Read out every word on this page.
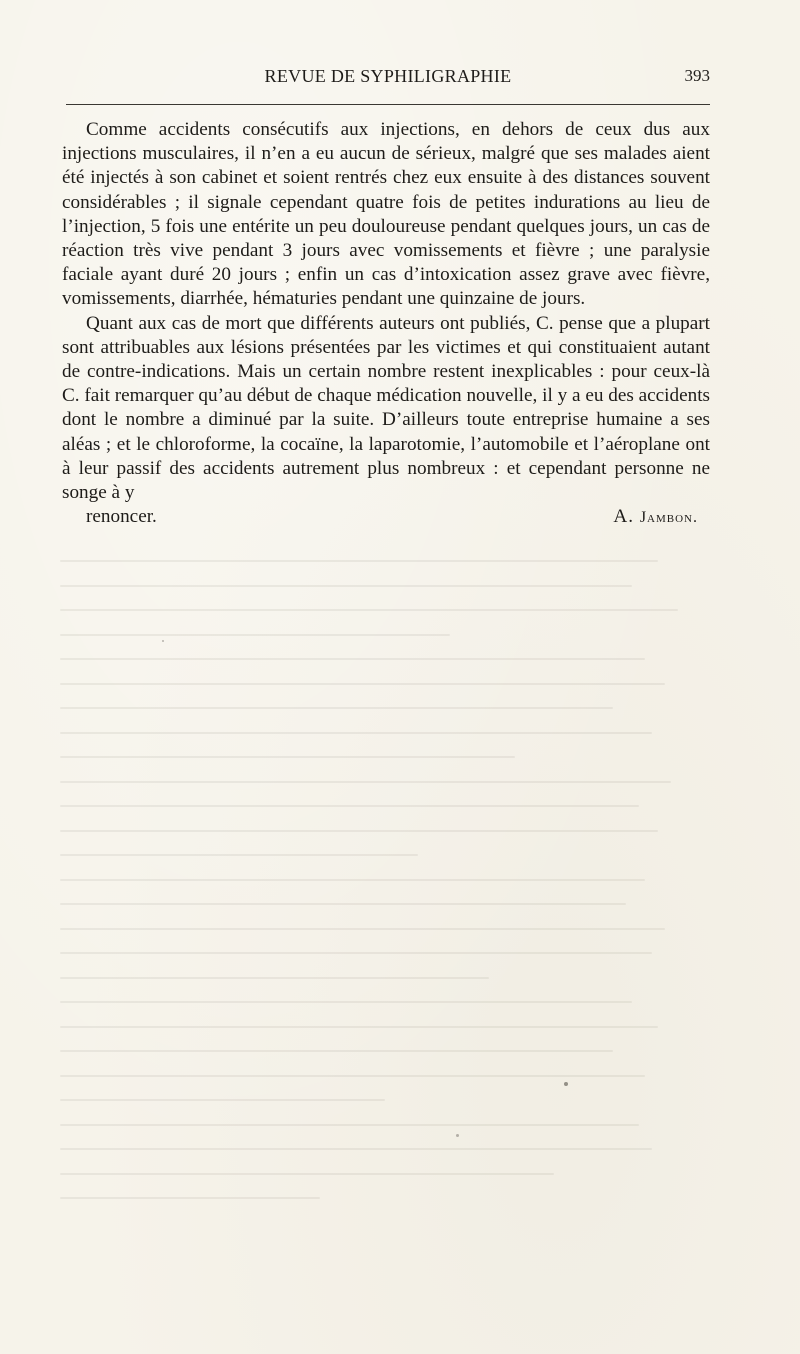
REVUE DE SYPHILIGRAPHIE	393

Comme accidents consécutifs aux injections, en dehors de ceux dus aux injections musculaires, il n’en a eu aucun de sérieux, malgré que ses malades aient été injectés à son cabinet et soient rentrés chez eux ensuite à des distances souvent considérables ; il signale cependant quatre fois de petites indurations au lieu de l’injection, 5 fois une entérite un peu douloureuse pendant quelques jours, un cas de réaction très vive pendant 3 jours avec vomissements et fièvre ; une paralysie faciale ayant duré 20 jours ; enfin un cas d’intoxication assez grave avec fièvre, vomissements, diarrhée, hématuries pendant une quinzaine de jours.

Quant aux cas de mort que différents auteurs ont publiés, C. pense que a plupart sont attribuables aux lésions présentées par les victimes et qui constituaient autant de contre-indications. Mais un certain nombre restent inexplicables : pour ceux-là C. fait remarquer qu’au début de chaque médication nouvelle, il y a eu des accidents dont le nombre a diminué par la suite. D’ailleurs toute entreprise humaine a ses aléas ; et le chloroforme, la cocaïne, la laparotomie, l’automobile et l’aéroplane ont à leur passif des accidents autrement plus nombreux : et cependant personne ne songe à y

renoncer.	A. Jambon.
